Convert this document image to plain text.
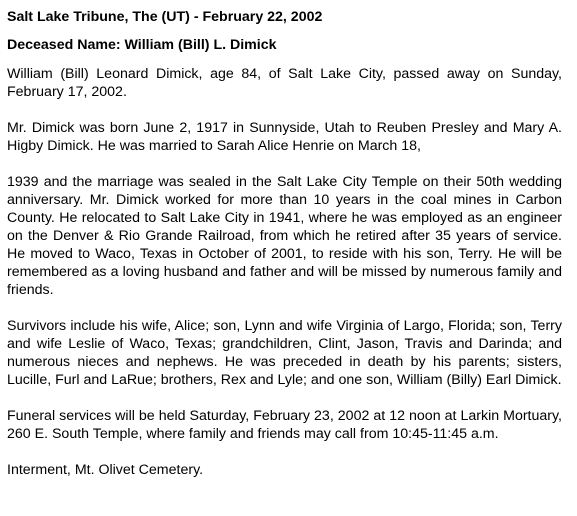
Salt Lake Tribune, The (UT) - February 22, 2002
Deceased Name: William (Bill) L. Dimick

William (Bill) Leonard Dimick, age 84, of Salt Lake City, passed away on Sunday, February 17, 2002.

Mr. Dimick was born June 2, 1917 in Sunnyside, Utah to Reuben Presley and Mary A. Higby Dimick. He was married to Sarah Alice Henrie on March 18,

1939 and the marriage was sealed in the Salt Lake City Temple on their 50th wedding anniversary. Mr. Dimick worked for more than 10 years in the coal mines in Carbon County. He relocated to Salt Lake City in 1941, where he was employed as an engineer on the Denver & Rio Grande Railroad, from which he retired after 35 years of service. He moved to Waco, Texas in October of 2001, to reside with his son, Terry. He will be remembered as a loving husband and father and will be missed by numerous family and friends.

Survivors include his wife, Alice; son, Lynn and wife Virginia of Largo, Florida; son, Terry and wife Leslie of Waco, Texas; grandchildren, Clint, Jason, Travis and Darinda; and numerous nieces and nephews. He was preceded in death by his parents; sisters, Lucille, Furl and LaRue; brothers, Rex and Lyle; and one son, William (Billy) Earl Dimick.

Funeral services will be held Saturday, February 23, 2002 at 12 noon at Larkin Mortuary, 260 E. South Temple, where family and friends may call from 10:45-11:45 a.m.

Interment, Mt. Olivet Cemetery.
